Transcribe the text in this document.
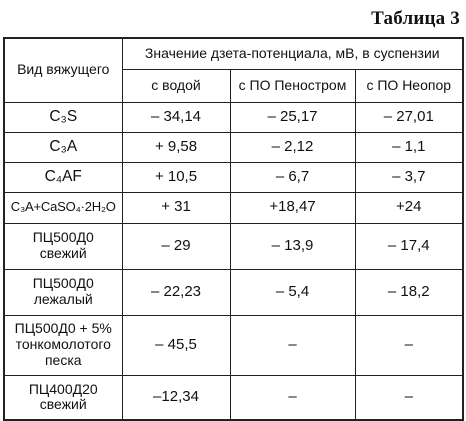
Таблица 3
Вид вяжущего	Значение дзета-потенциала, мВ, в суспензии		
	с водой	с ПО Пеностром	с ПО Неопор
C₃S	– 34,14	– 25,17	– 27,01
C₃A	+ 9,58	– 2,12	– 1,1
C₄AF	+ 10,5	– 6,7	– 3,7
C₃A+CaSO₄·2H₂O	+ 31	+18,47	+24
ПЦ500Д0
свежий	– 29	– 13,9	– 17,4
ПЦ500Д0
лежалый	– 22,23	– 5,4	– 18,2
ПЦ500Д0 + 5%
тонкомолотого
песка	– 45,5	–	–
ПЦ400Д20
свежий	–12,34	–	–
